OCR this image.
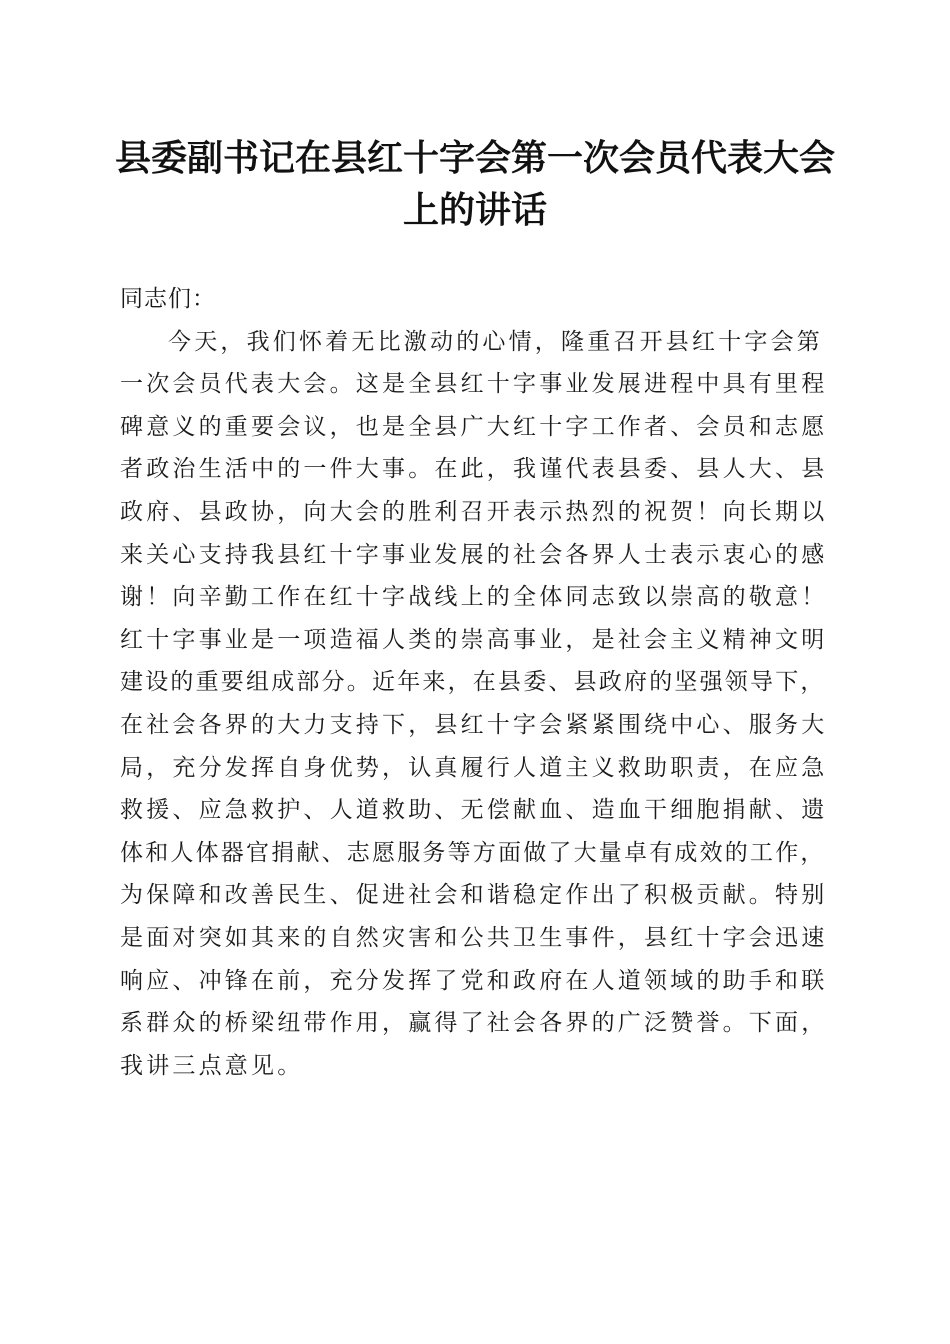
县委副书记在县红十字会第一次会员代表大会
上的讲话
同志们：
今天，我们怀着无比激动的心情，隆重召开县红十字会第
一次会员代表大会。这是全县红十字事业发展进程中具有里程
碑意义的重要会议，也是全县广大红十字工作者、会员和志愿
者政治生活中的一件大事。在此，我谨代表县委、县人大、县
政府、县政协，向大会的胜利召开表示热烈的祝贺！向长期以
来关心支持我县红十字事业发展的社会各界人士表示衷心的感
谢！向辛勤工作在红十字战线上的全体同志致以崇高的敬意！
红十字事业是一项造福人类的崇高事业，是社会主义精神文明
建设的重要组成部分。近年来，在县委、县政府的坚强领导下，
在社会各界的大力支持下，县红十字会紧紧围绕中心、服务大
局，充分发挥自身优势，认真履行人道主义救助职责，在应急
救援、应急救护、人道救助、无偿献血、造血干细胞捐献、遗
体和人体器官捐献、志愿服务等方面做了大量卓有成效的工作，
为保障和改善民生、促进社会和谐稳定作出了积极贡献。特别
是面对突如其来的自然灾害和公共卫生事件，县红十字会迅速
响应、冲锋在前，充分发挥了党和政府在人道领域的助手和联
系群众的桥梁纽带作用，赢得了社会各界的广泛赞誉。下面，
我讲三点意见。
